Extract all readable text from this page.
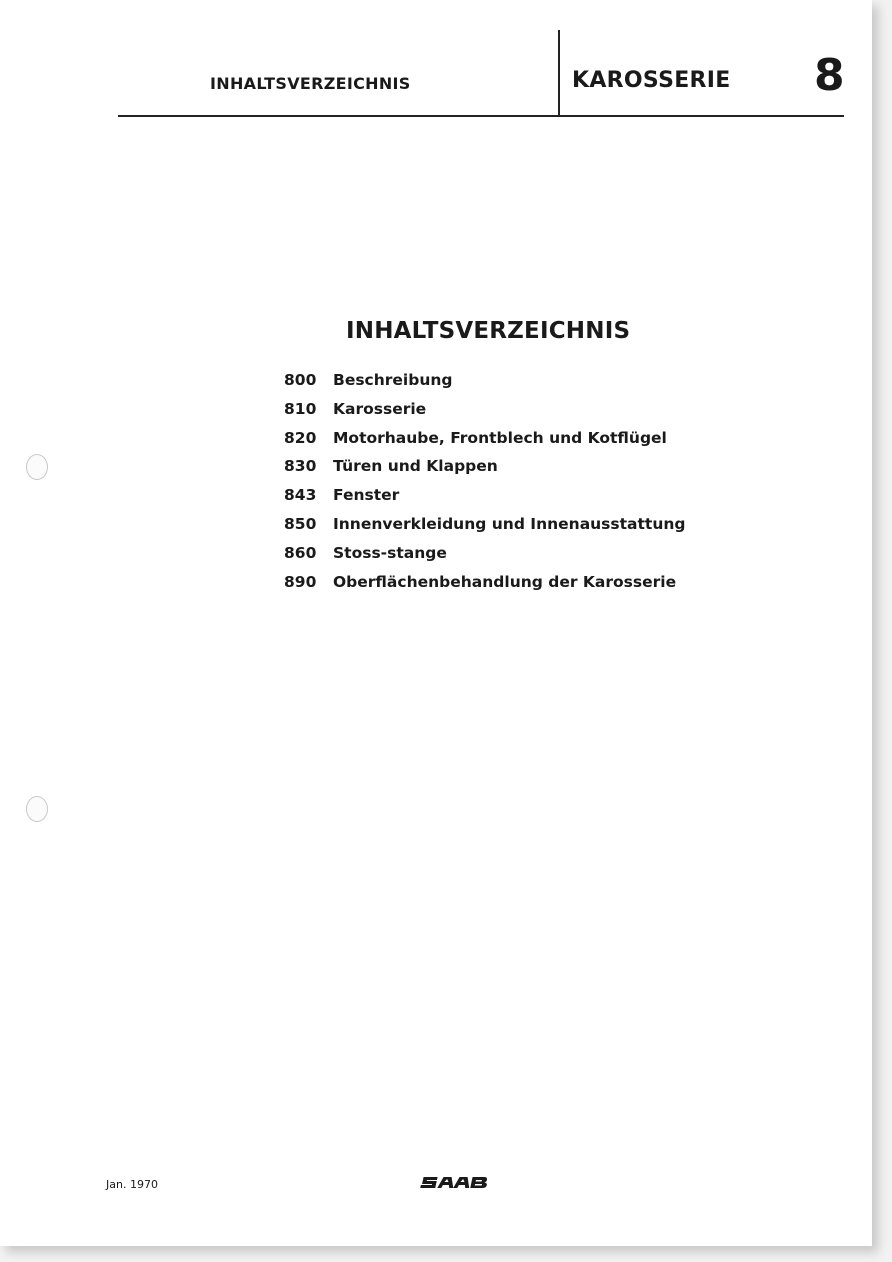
INHALTSVERZEICHNIS	KAROSSERIE 8
INHALTSVERZEICHNIS
800 Beschreibung
810 Karosserie
820 Motorhaube, Frontblech und Kotflügel
830 Türen und Klappen
843 Fenster
850 Innenverkleidung und Innenausstattung
860 Stoss-stange
890 Oberflächenbehandlung der Karosserie
Jan. 1970
